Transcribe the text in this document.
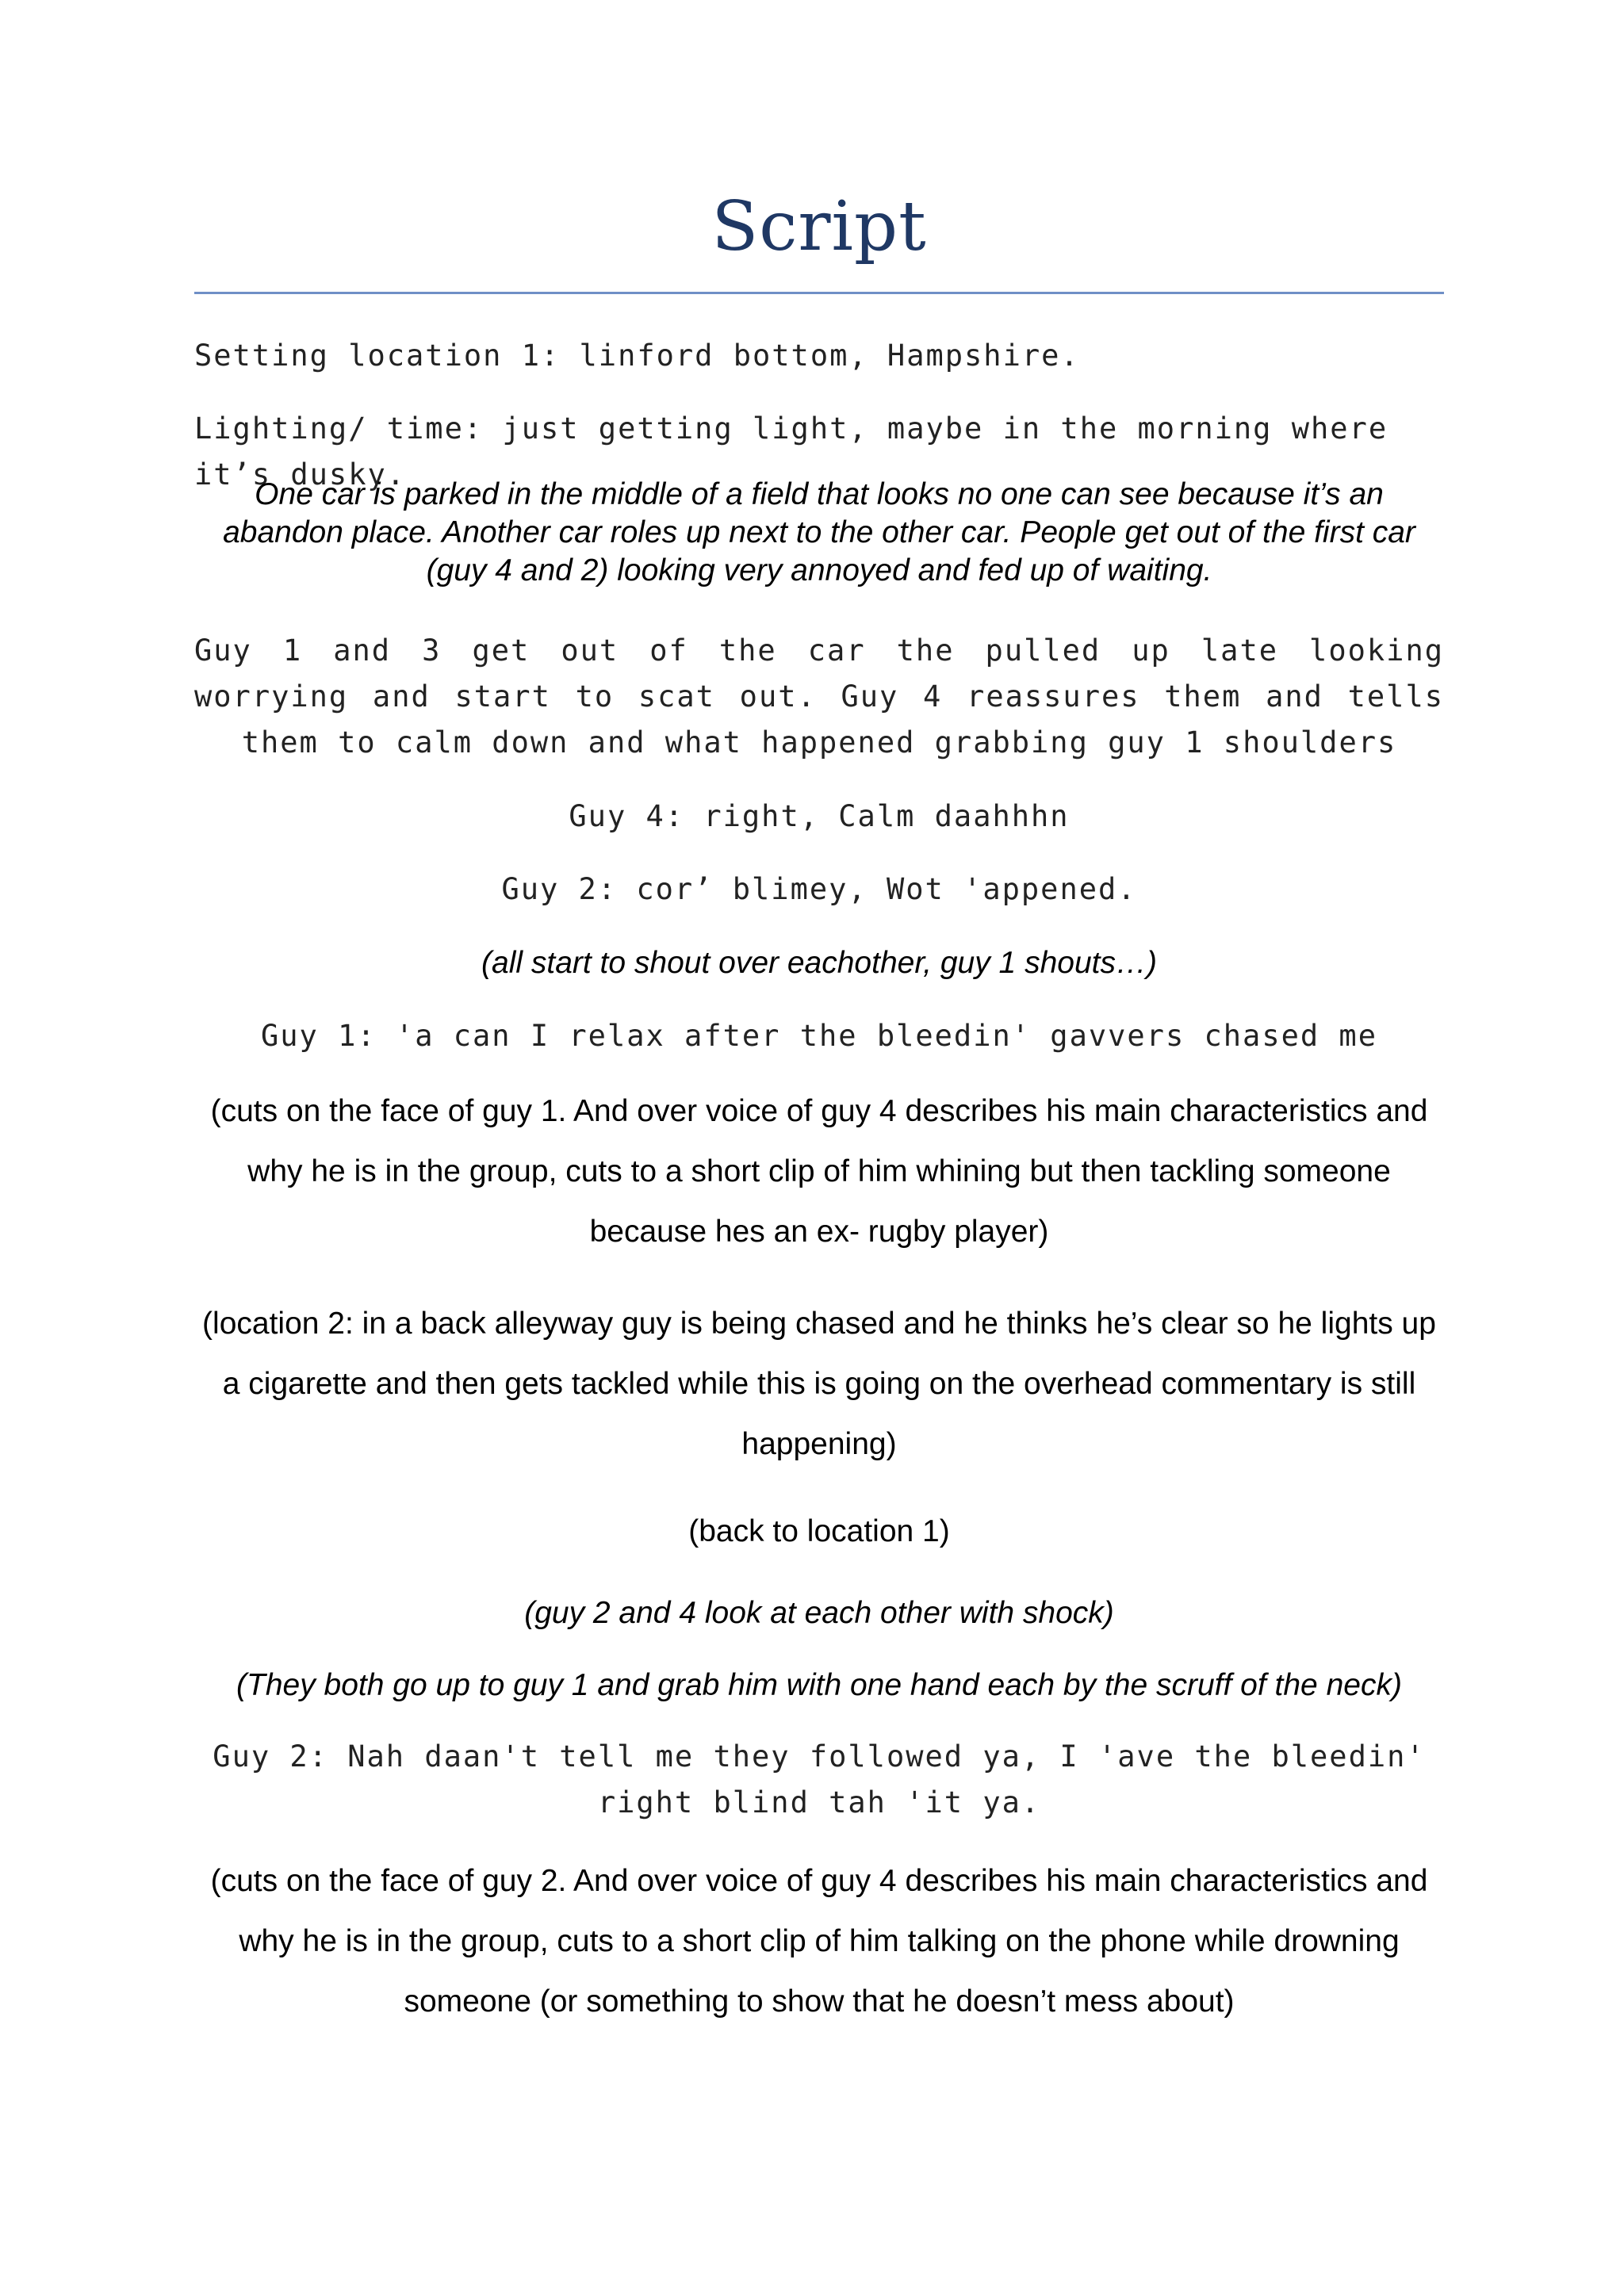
Script
Setting location 1: linford bottom, Hampshire.
Lighting/ time: just getting light, maybe in the morning where it’s dusky.
One car is parked in the middle of a field that looks no one can see because it’s an abandon place. Another car roles up next to the other car. People get out of the first car (guy 4 and 2) looking very annoyed and fed up of waiting.
Guy 1 and 3 get out of the car the pulled up late looking worrying and start to scat out. Guy 4 reassures them and tells them to calm down and what happened grabbing guy 1 shoulders
Guy 4: right, Calm daahhhn
Guy 2: cor’ blimey, Wot 'appened.
(all start to shout over eachother, guy 1 shouts…)
Guy 1: 'a can I relax after the bleedin' gavvers chased me
(cuts on the face of guy 1. And over voice of guy 4 describes his main characteristics and why he is in the group, cuts to a short clip of him whining but then tackling someone because hes an ex- rugby player)
(location 2: in a back alleyway guy is being chased and he thinks he’s clear so he lights up a cigarette and then gets tackled while this is going on the overhead commentary is still happening)
(back to location 1)
(guy 2 and 4 look at each other with shock)
(They both go up to guy 1 and grab him with one hand each by the scruff of the neck)
Guy 2: Nah daan't tell me they followed ya, I 'ave the bleedin' right blind tah 'it ya.
(cuts on the face of guy 2. And over voice of guy 4 describes his main characteristics and why he is in the group, cuts to a short clip of him talking on the phone while drowning someone (or something to show that he doesn’t mess about)
